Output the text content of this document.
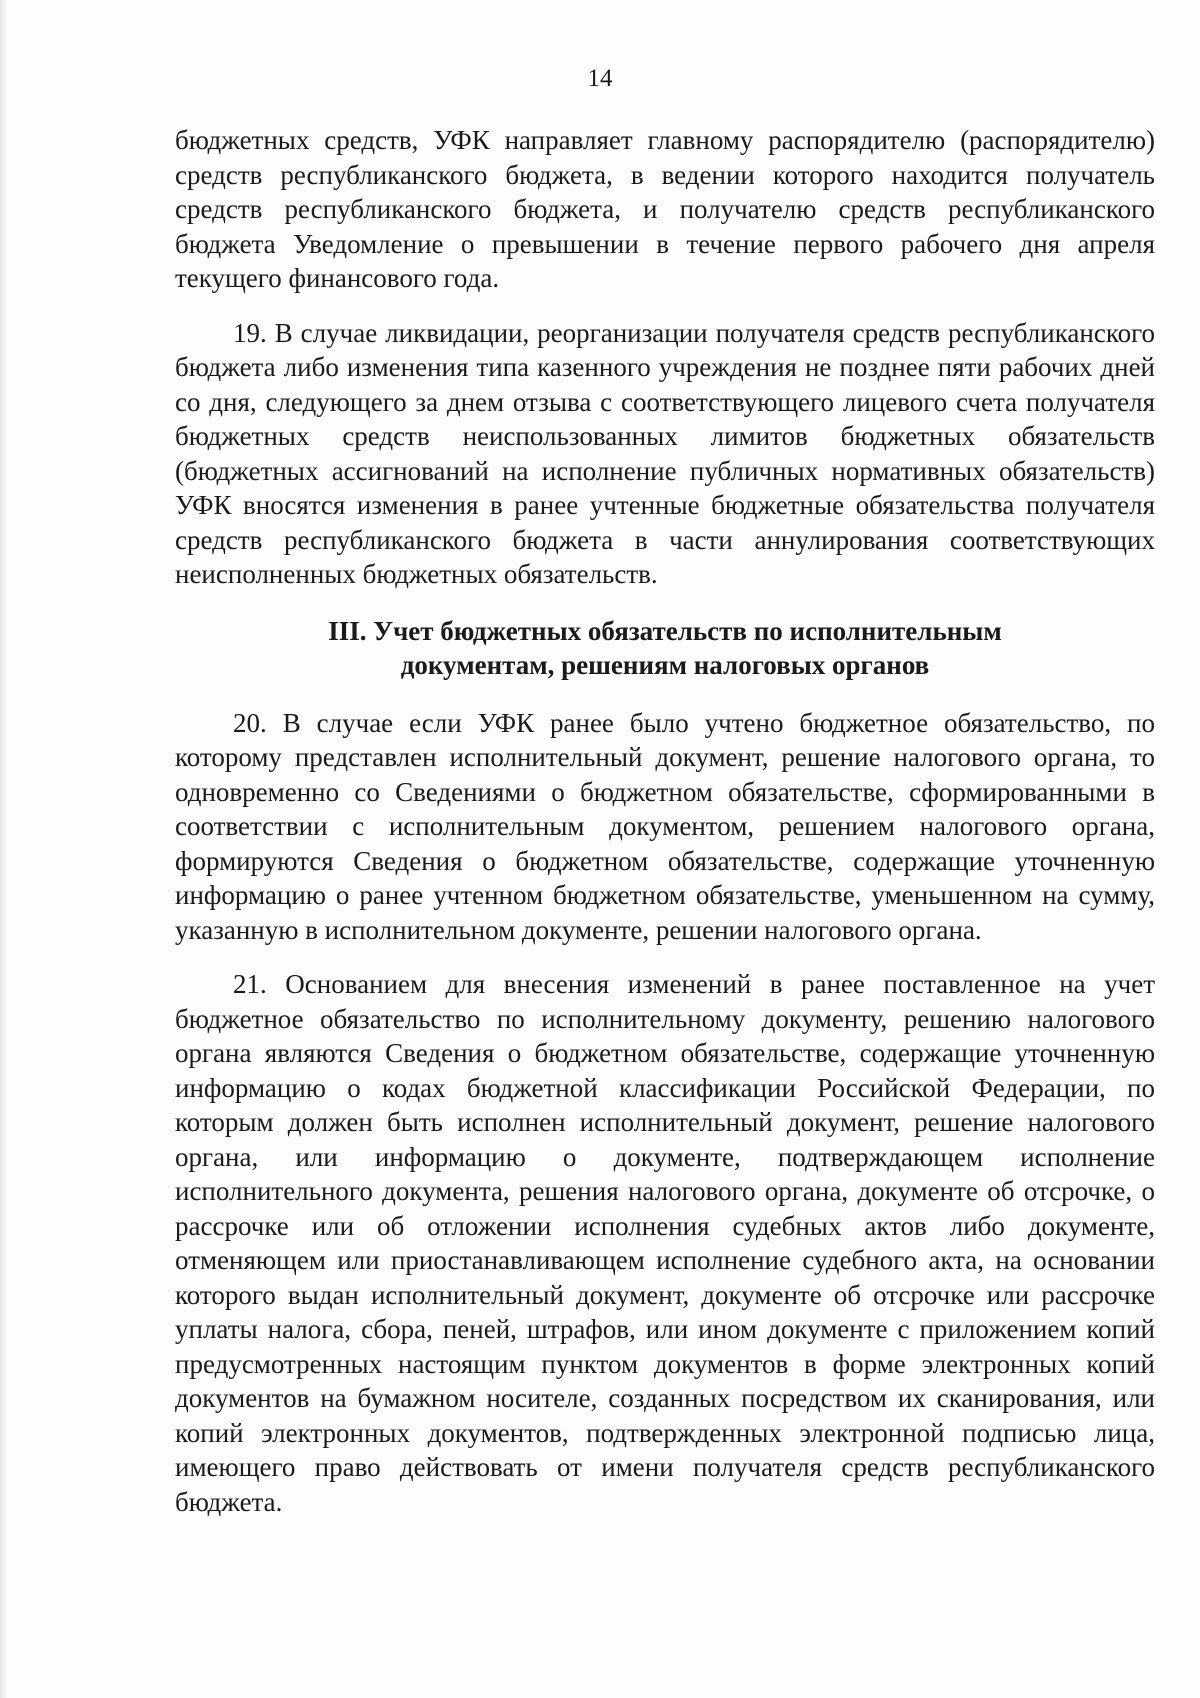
14

бюджетных средств, УФК направляет главному распорядителю (распорядителю) средств республиканского бюджета, в ведении которого находится получатель средств республиканского бюджета, и получателю средств республиканского бюджета Уведомление о превышении в течение первого рабочего дня апреля текущего финансового года.

19. В случае ликвидации, реорганизации получателя средств республиканского бюджета либо изменения типа казенного учреждения не позднее пяти рабочих дней со дня, следующего за днем отзыва с соответствующего лицевого счета получателя бюджетных средств неиспользованных лимитов бюджетных обязательств (бюджетных ассигнований на исполнение публичных нормативных обязательств) УФК вносятся изменения в ранее учтенные бюджетные обязательства получателя средств республиканского бюджета в части аннулирования соответствующих неисполненных бюджетных обязательств.

III. Учет бюджетных обязательств по исполнительным

документам, решениям налоговых органов

20. В случае если УФК ранее было учтено бюджетное обязательство, по которому представлен исполнительный документ, решение налогового органа, то одновременно со Сведениями о бюджетном обязательстве, сформированными в соответствии с исполнительным документом, решением налогового органа, формируются Сведения о бюджетном обязательстве, содержащие уточненную информацию о ранее учтенном бюджетном обязательстве, уменьшенном на сумму, указанную в исполнительном документе, решении налогового органа.

21. Основанием для внесения изменений в ранее поставленное на учет бюджетное обязательство по исполнительному документу, решению налогового органа являются Сведения о бюджетном обязательстве, содержащие уточненную информацию о кодах бюджетной классификации Российской Федерации, по которым должен быть исполнен исполнительный документ, решение налогового органа, или информацию о документе, подтверждающем исполнение исполнительного документа, решения налогового органа, документе об отсрочке, о рассрочке или об отложении исполнения судебных актов либо документе, отменяющем или приостанавливающем исполнение судебного акта, на основании которого выдан исполнительный документ, документе об отсрочке или рассрочке уплаты налога, сбора, пеней, штрафов, или ином документе с приложением копий предусмотренных настоящим пунктом документов в форме электронных копий документов на бумажном носителе, созданных посредством их сканирования, или копий электронных документов, подтвержденных электронной подписью лица, имеющего право действовать от имени получателя средств республиканского бюджета.
